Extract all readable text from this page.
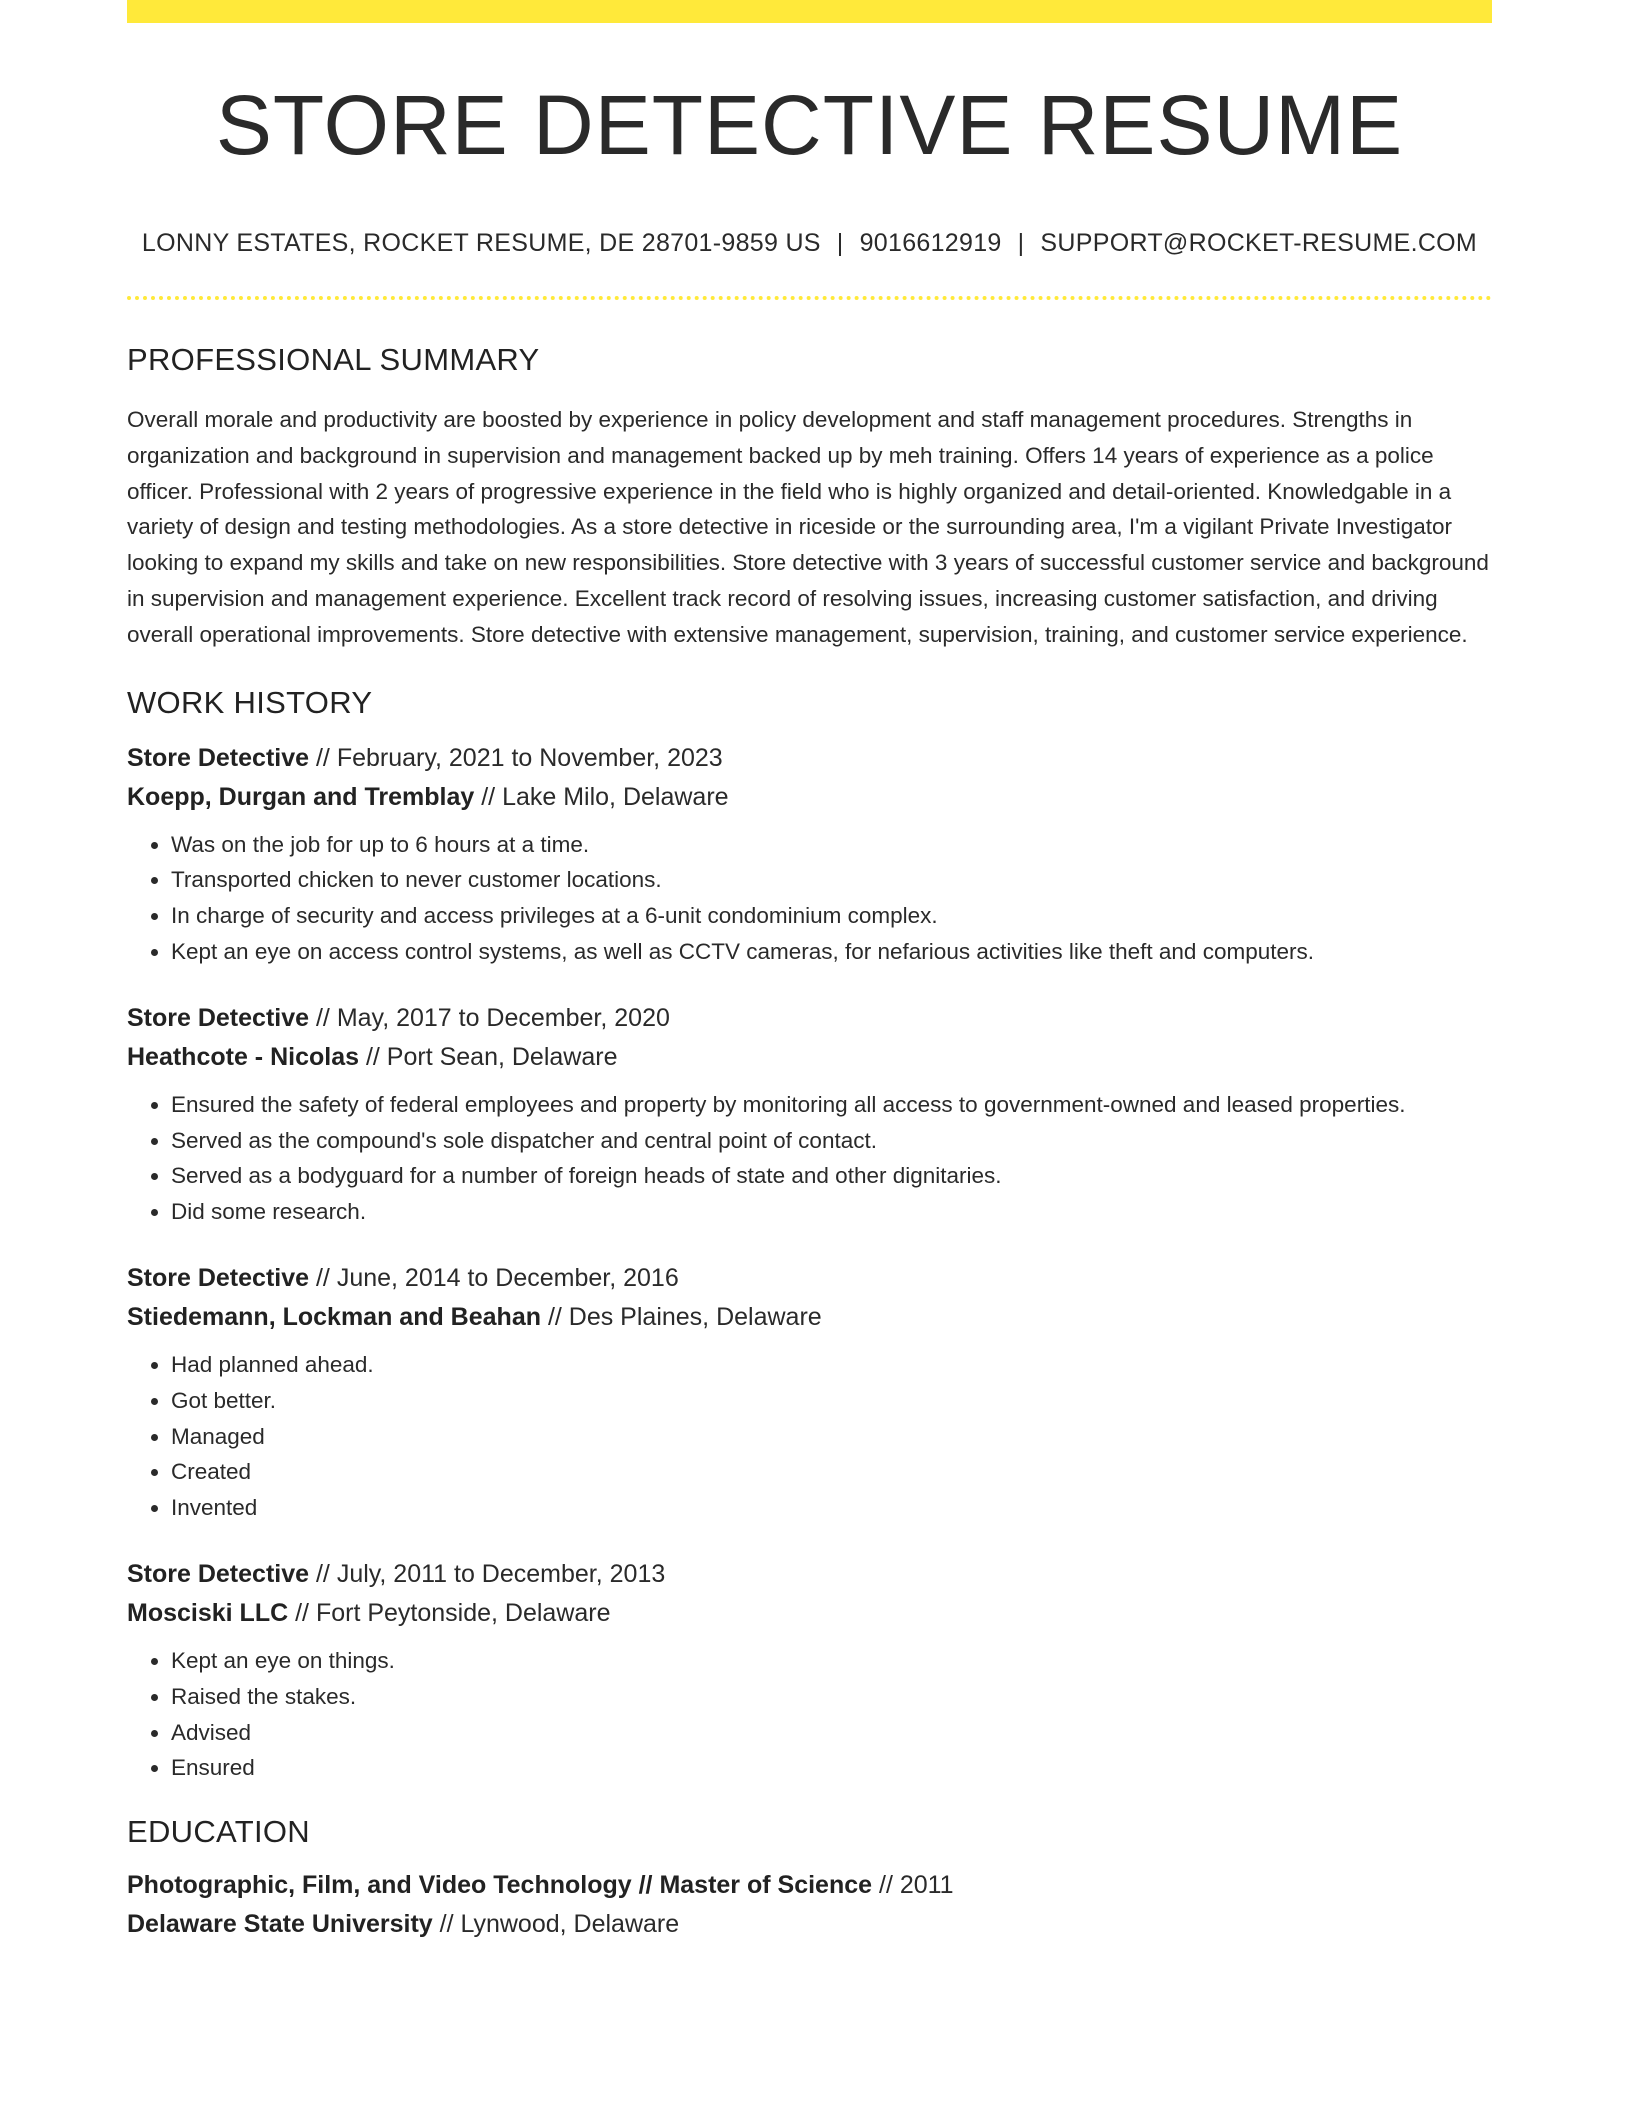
STORE DETECTIVE RESUME
LONNY ESTATES, ROCKET RESUME, DE 28701-9859 US | 9016612919 | SUPPORT@ROCKET-RESUME.COM
PROFESSIONAL SUMMARY
Overall morale and productivity are boosted by experience in policy development and staff management procedures. Strengths in organization and background in supervision and management backed up by meh training. Offers 14 years of experience as a police officer. Professional with 2 years of progressive experience in the field who is highly organized and detail-oriented. Knowledgable in a variety of design and testing methodologies. As a store detective in riceside or the surrounding area, I'm a vigilant Private Investigator looking to expand my skills and take on new responsibilities. Store detective with 3 years of successful customer service and background in supervision and management experience. Excellent track record of resolving issues, increasing customer satisfaction, and driving overall operational improvements. Store detective with extensive management, supervision, training, and customer service experience.
WORK HISTORY
Store Detective // February, 2021 to November, 2023
Koepp, Durgan and Tremblay // Lake Milo, Delaware
• Was on the job for up to 6 hours at a time.
• Transported chicken to never customer locations.
• In charge of security and access privileges at a 6-unit condominium complex.
• Kept an eye on access control systems, as well as CCTV cameras, for nefarious activities like theft and computers.
Store Detective // May, 2017 to December, 2020
Heathcote - Nicolas // Port Sean, Delaware
• Ensured the safety of federal employees and property by monitoring all access to government-owned and leased properties.
• Served as the compound's sole dispatcher and central point of contact.
• Served as a bodyguard for a number of foreign heads of state and other dignitaries.
• Did some research.
Store Detective // June, 2014 to December, 2016
Stiedemann, Lockman and Beahan // Des Plaines, Delaware
• Had planned ahead.
• Got better.
• Managed
• Created
• Invented
Store Detective // July, 2011 to December, 2013
Mosciski LLC // Fort Peytonside, Delaware
• Kept an eye on things.
• Raised the stakes.
• Advised
• Ensured
EDUCATION
Photographic, Film, and Video Technology // Master of Science // 2011
Delaware State University // Lynwood, Delaware
